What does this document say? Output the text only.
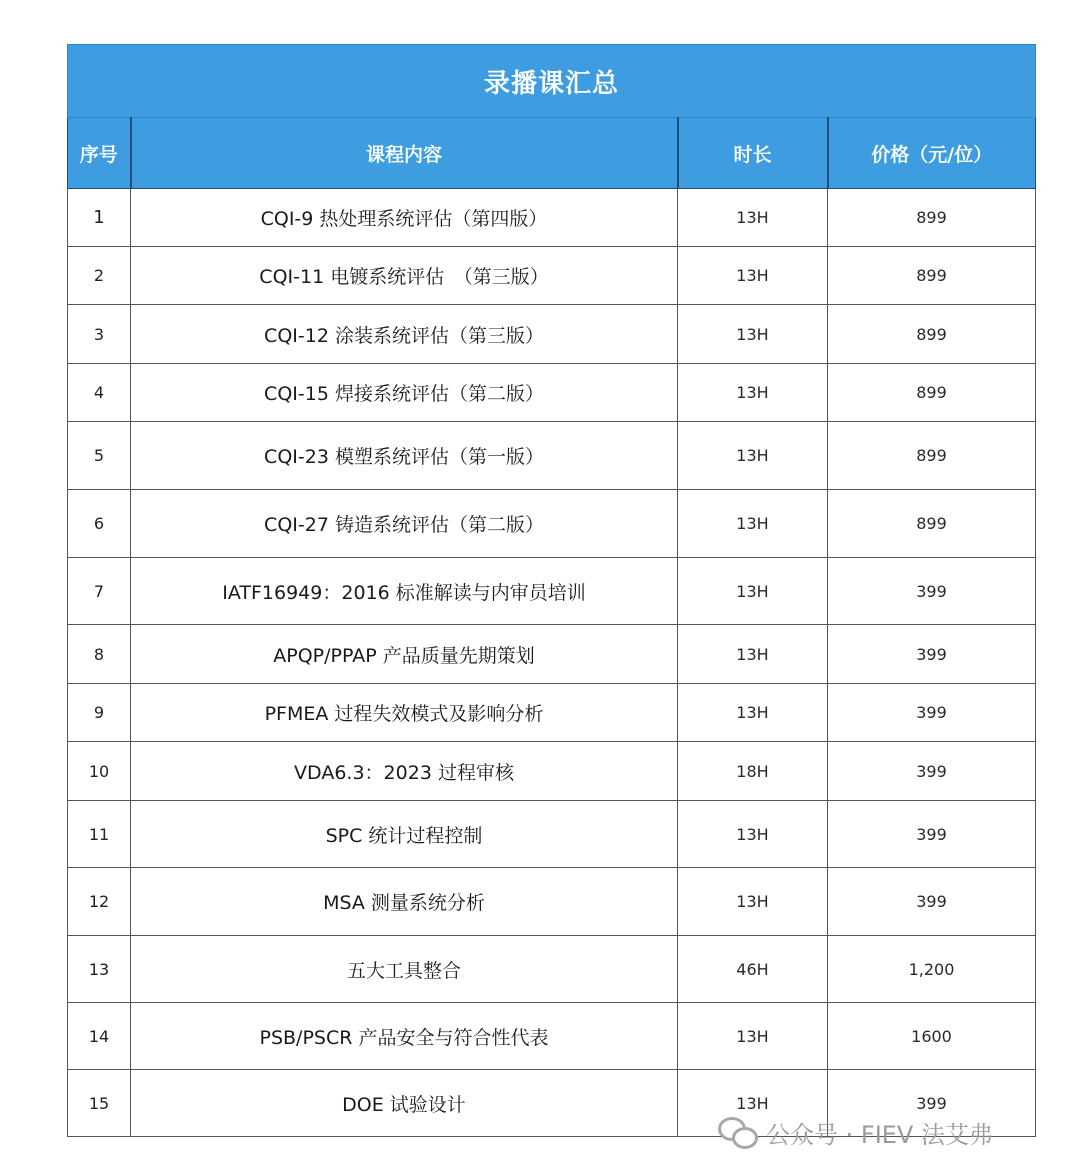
录播课汇总			
序号	课程内容	时长	价格（元/位）
1	CQI-9 热处理系统评估（第四版）	13H	899
2	CQI-11 电镀系统评估　（第三版）	13H	899
3	CQI-12 涂装系统评估（第三版）	13H	899
4	CQI-15 焊接系统评估（第二版）	13H	899
5	CQI-23 模塑系统评估（第一版）	13H	899
6	CQI-27 铸造系统评估（第二版）	13H	899
7	IATF16949：2016 标准解读与内审员培训	13H	399
8	APQP/PPAP 产品质量先期策划	13H	399
9	PFMEA 过程失效模式及影响分析	13H	399
10	VDA6.3：2023 过程审核	18H	399
11	SPC 统计过程控制	13H	399
12	MSA 测量系统分析	13H	399
13	五大工具整合	46H	1,200
14	PSB/PSCR 产品安全与符合性代表	13H	1600
15	DOE 试验设计	13H	399
公众号 · FIEV 法艾弗
